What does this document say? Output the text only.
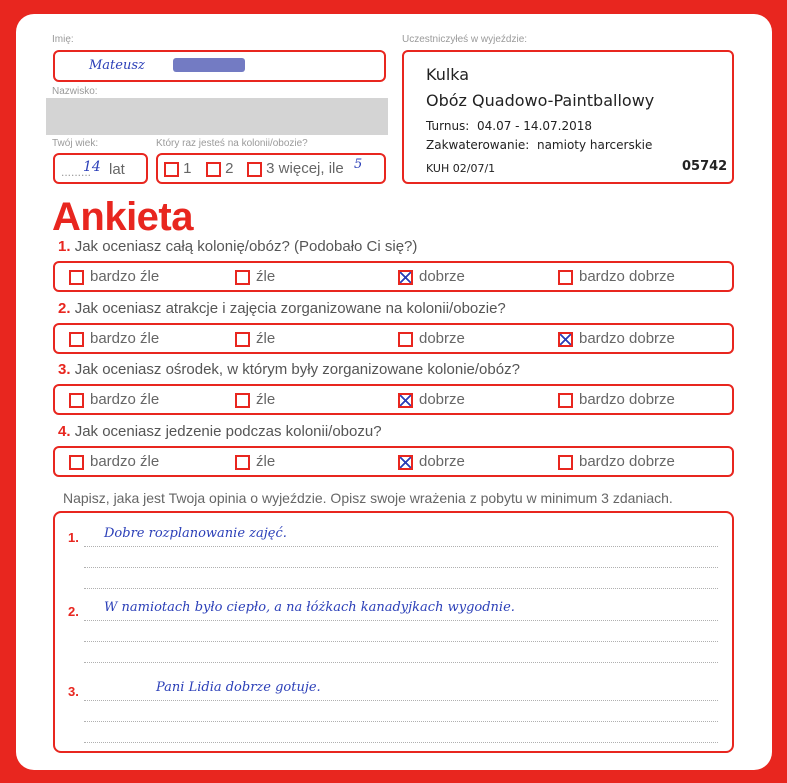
Imię:
Mateusz
Nazwisko:
Twój wiek:
.........
14 lat
Który raz jesteś na kolonii/obozie?
1	2	3 więcej, ile 5
Uczestniczyłeś w wyjeździe:
Kulka
Obóz Quadowo-Paintballowy
Turnus: 04.07 - 14.07.2018
Zakwaterowanie: namioty harcerskie
KUH 02/07/1	05742
Ankieta
1. Jak oceniasz całą kolonię/obóz? (Podobało Ci się?)
bardzo źle	źle	dobrze	bardzo dobrze
2. Jak oceniasz atrakcje i zajęcia zorganizowane na kolonii/obozie?
bardzo źle	źle	dobrze	bardzo dobrze
3. Jak oceniasz ośrodek, w którym były zorganizowane kolonie/obóz?
bardzo źle	źle	dobrze	bardzo dobrze
4. Jak oceniasz jedzenie podczas kolonii/obozu?
bardzo źle	źle	dobrze	bardzo dobrze
Napisz, jaka jest Twoja opinia o wyjeździe. Opisz swoje wrażenia z pobytu w minimum 3 zdaniach.
1. Dobre rozplanowanie zajęć.
2. W namiotach było ciepło, a na łóżkach kanadyjkach wygodnie.
3.	Pani Lidia dobrze gotuje.
